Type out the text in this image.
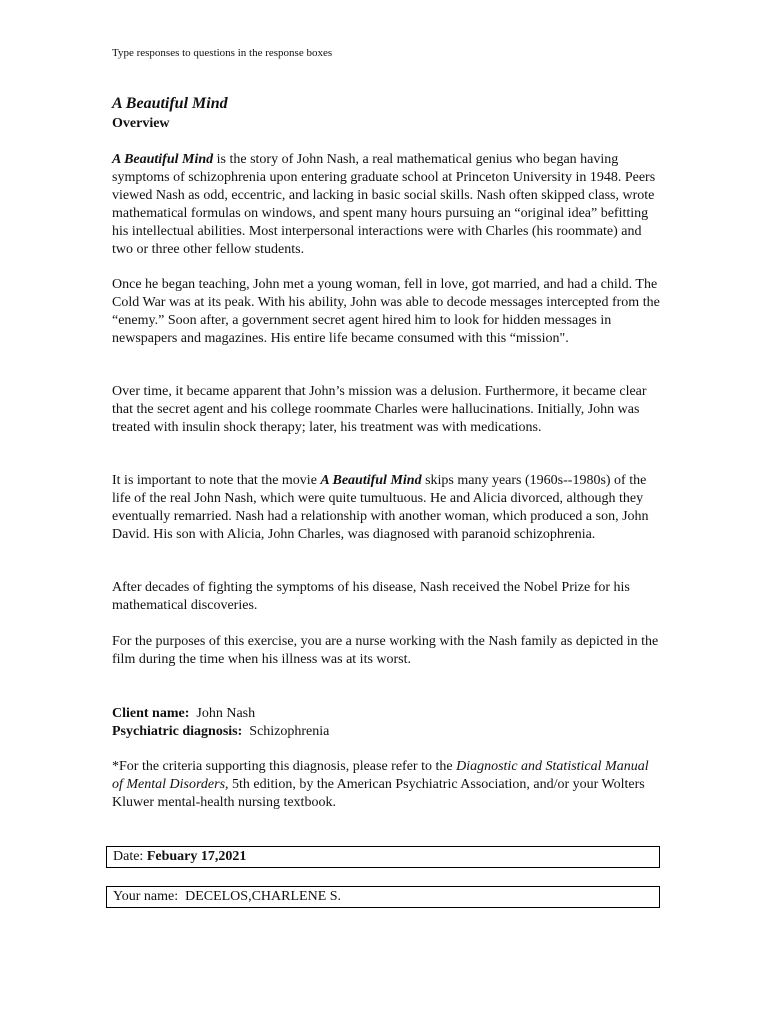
Type responses to questions in the response boxes
A Beautiful Mind
Overview

A Beautiful Mind is the story of John Nash, a real mathematical genius who began having symptoms of schizophrenia upon entering graduate school at Princeton University in 1948. Peers viewed Nash as odd, eccentric, and lacking in basic social skills. Nash often skipped class, wrote mathematical formulas on windows, and spent many hours pursuing an “original idea” befitting his intellectual abilities. Most interpersonal interactions were with Charles (his roommate) and two or three other fellow students.

Once he began teaching, John met a young woman, fell in love, got married, and had a child. The Cold War was at its peak. With his ability, John was able to decode messages intercepted from the “enemy.” Soon after, a government secret agent hired him to look for hidden messages in newspapers and magazines. His entire life became consumed with this “mission".

Over time, it became apparent that John’s mission was a delusion. Furthermore, it became clear that the secret agent and his college roommate Charles were hallucinations. Initially, John was treated with insulin shock therapy; later, his treatment was with medications.

It is important to note that the movie A Beautiful Mind skips many years (1960s--1980s) of the life of the real John Nash, which were quite tumultuous. He and Alicia divorced, although they eventually remarried. Nash had a relationship with another woman, which produced a son, John David. His son with Alicia, John Charles, was diagnosed with paranoid schizophrenia.

After decades of fighting the symptoms of his disease, Nash received the Nobel Prize for his mathematical discoveries.

For the purposes of this exercise, you are a nurse working with the Nash family as depicted in the film during the time when his illness was at its worst.

Client name: John Nash
Psychiatric diagnosis: Schizophrenia

*For the criteria supporting this diagnosis, please refer to the Diagnostic and Statistical Manual of Mental Disorders, 5th edition, by the American Psychiatric Association, and/or your Wolters Kluwer mental-health nursing textbook.

Date: Febuary 17,2021
Your name: DECELOS,CHARLENE S.
